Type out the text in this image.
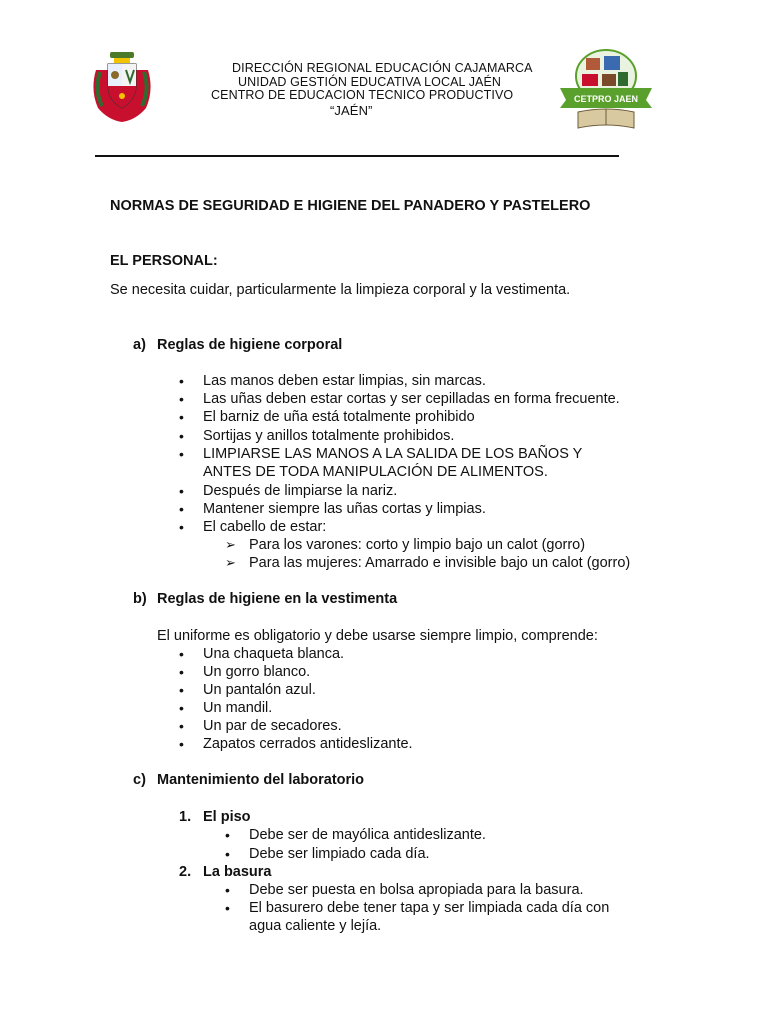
DIRECCIÓN REGIONAL EDUCACIÓN CAJAMARCA
UNIDAD GESTIÓN EDUCATIVA LOCAL JAÉN
CENTRO DE EDUCACION TECNICO PRODUCTIVO
“JAÉN”
CETPRO JAEN
NORMAS DE SEGURIDAD E HIGIENE DEL PANADERO Y PASTELERO
EL PERSONAL:
Se necesita cuidar, particularmente la limpieza corporal y la vestimenta.
a) Reglas de higiene corporal
• Las manos deben estar limpias, sin marcas.
• Las uñas deben estar cortas y ser cepilladas en forma frecuente.
• El barniz de uña está totalmente prohibido
• Sortijas y anillos totalmente prohibidos.
• LIMPIARSE LAS MANOS A LA SALIDA DE LOS BAÑOS Y
ANTES DE TODA MANIPULACIÓN DE ALIMENTOS.
• Después de limpiarse la nariz.
• Mantener siempre las uñas cortas y limpias.
• El cabello de estar:
➢ Para los varones: corto y limpio bajo un calot (gorro)
➢ Para las mujeres: Amarrado e invisible bajo un calot (gorro)
b) Reglas de higiene en la vestimenta
El uniforme es obligatorio y debe usarse siempre limpio, comprende:
• Una chaqueta blanca.
• Un gorro blanco.
• Un pantalón azul.
• Un mandil.
• Un par de secadores.
• Zapatos cerrados antideslizante.
c) Mantenimiento del laboratorio
1. El piso
• Debe ser de mayólica antideslizante.
• Debe ser limpiado cada día.
2. La basura
• Debe ser puesta en bolsa apropiada para la basura.
• El basurero debe tener tapa y ser limpiada cada día con
agua caliente y lejía.
